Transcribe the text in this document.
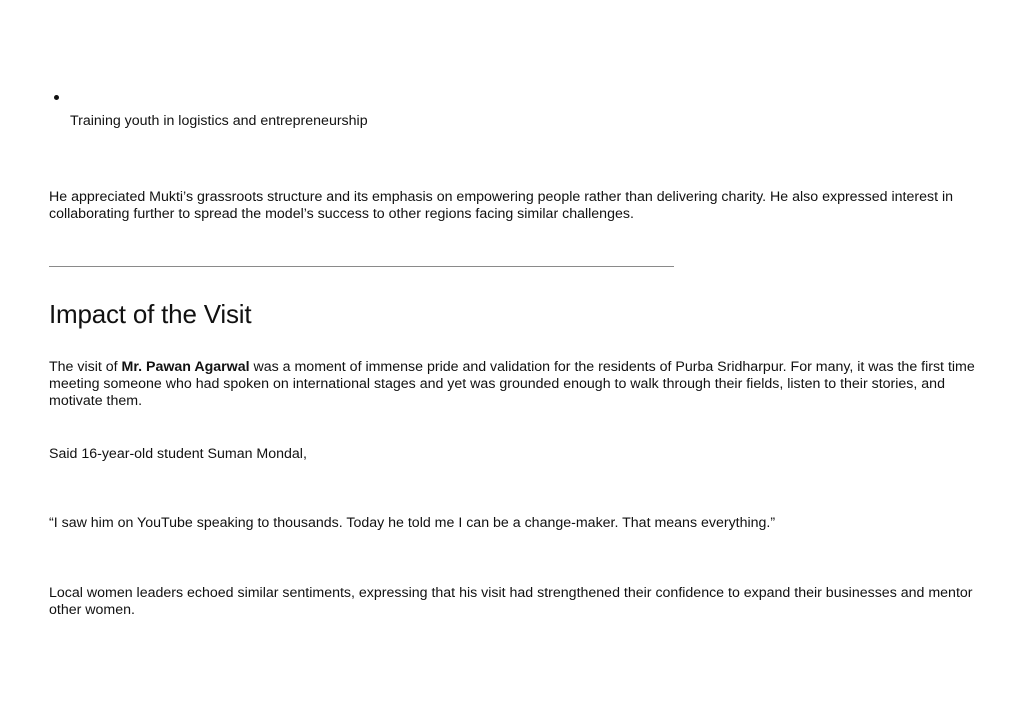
Training youth in logistics and entrepreneurship

He appreciated Mukti’s grassroots structure and its emphasis on empowering people rather than delivering charity. He also expressed interest in collaborating further to spread the model’s success to other regions facing similar challenges.

Impact of the Visit

The visit of Mr. Pawan Agarwal was a moment of immense pride and validation for the residents of Purba Sridharpur. For many, it was the first time meeting someone who had spoken on international stages and yet was grounded enough to walk through their fields, listen to their stories, and motivate them.

Said 16-year-old student Suman Mondal,

“I saw him on YouTube speaking to thousands. Today he told me I can be a change-maker. That means everything.”

Local women leaders echoed similar sentiments, expressing that his visit had strengthened their confidence to expand their businesses and mentor other women.
